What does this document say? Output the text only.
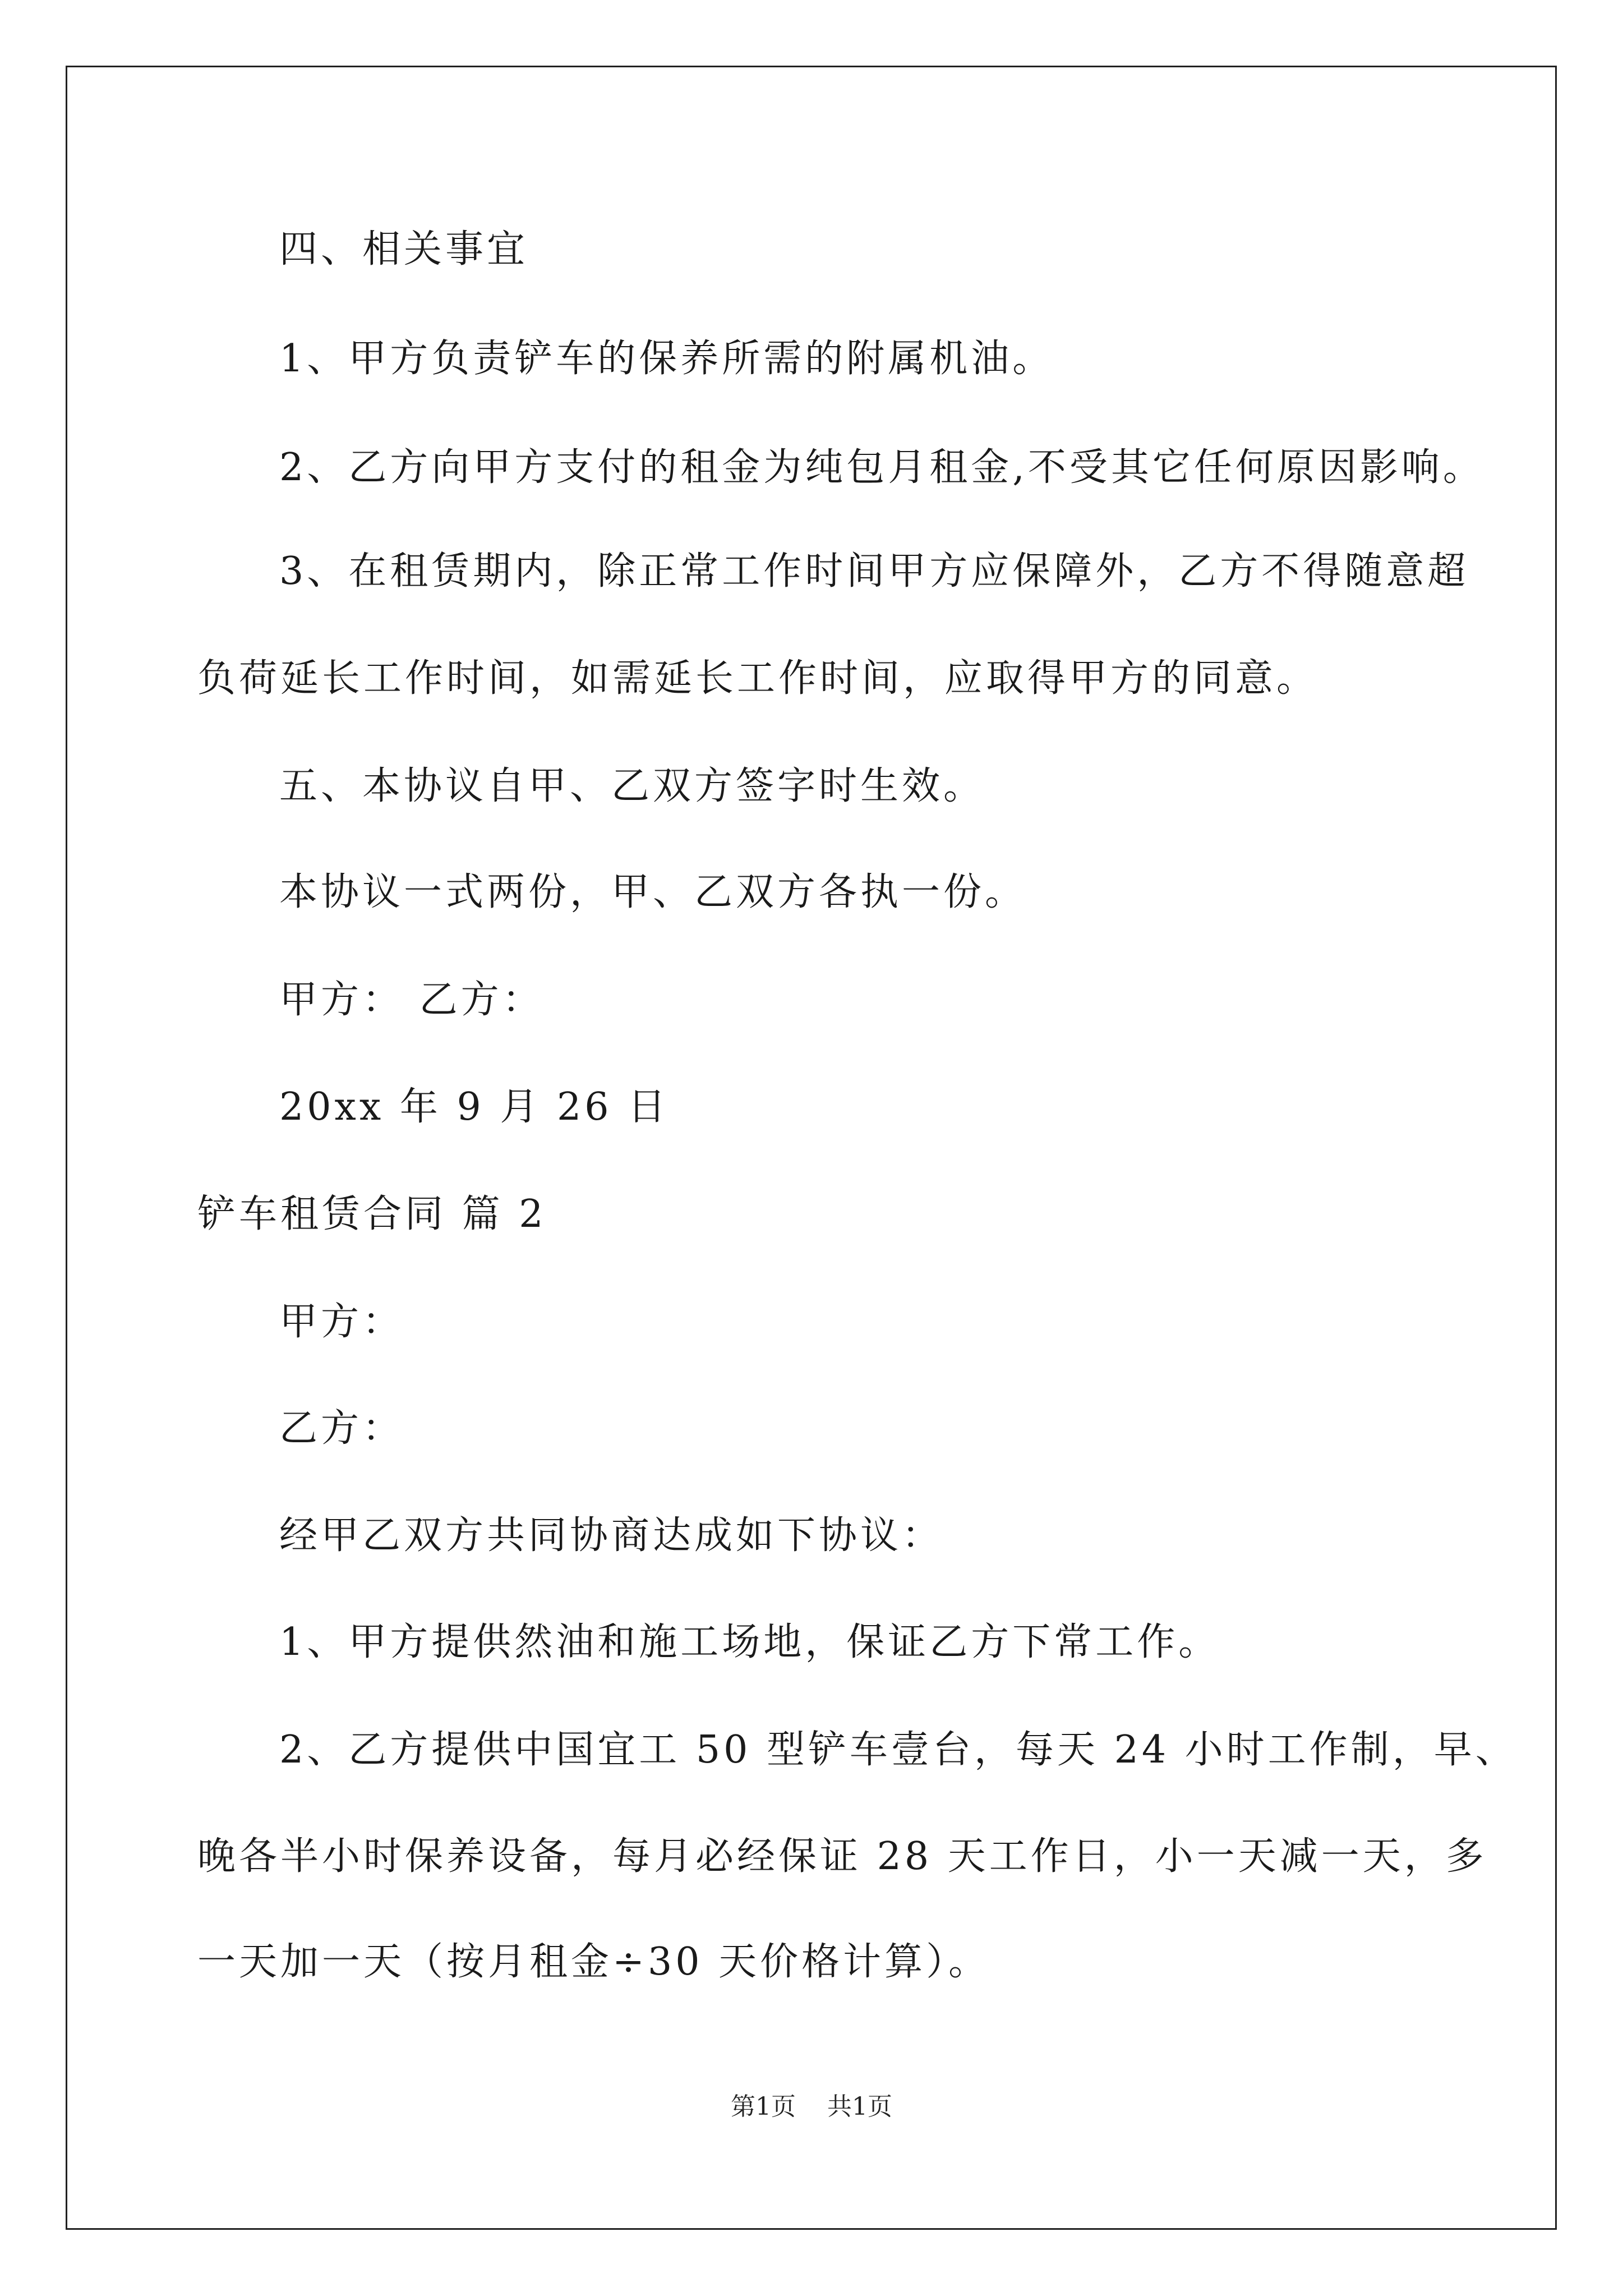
四、相关事宜
1、甲方负责铲车的保养所需的附属机油。
2、乙方向甲方支付的租金为纯包月租金,不受其它任何原因影响。
3、在租赁期内，除正常工作时间甲方应保障外，乙方不得随意超
负荷延长工作时间，如需延长工作时间，应取得甲方的同意。
五、本协议自甲、乙双方签字时生效。
本协议一式两份，甲、乙双方各执一份。
甲方： 乙方：
20xx 年 9 月 26 日
铲车租赁合同 篇 2
甲方：
乙方：
经甲乙双方共同协商达成如下协议：
1、甲方提供然油和施工场地，保证乙方下常工作。
2、乙方提供中国宜工 50 型铲车壹台，每天 24 小时工作制，早、
晚各半小时保养设备，每月必经保证 28 天工作日，小一天减一天，多
一天加一天（按月租金÷30 天价格计算）。
第1页 共1页
